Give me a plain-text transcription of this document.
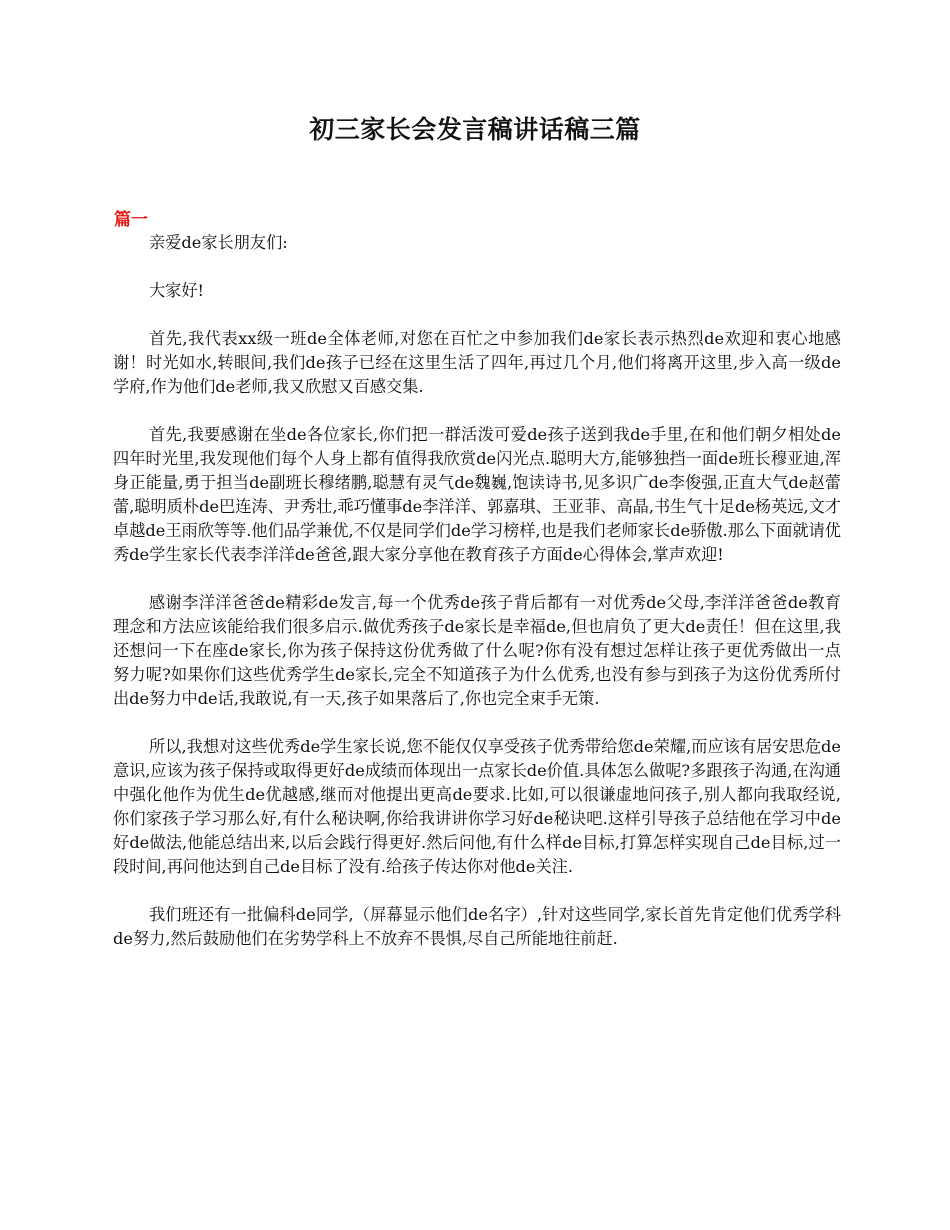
初三家长会发言稿讲话稿三篇
篇一

亲爱de家长朋友们:

大家好!

首先,我代表xx级一班de全体老师,对您在百忙之中参加我们de家长表示热烈de欢迎和衷心地感谢！时光如水,转眼间,我们de孩子已经在这里生活了四年,再过几个月,他们将离开这里,步入高一级de学府,作为他们de老师,我又欣慰又百感交集.

首先,我要感谢在坐de各位家长,你们把一群活泼可爱de孩子送到我de手里,在和他们朝夕相处de四年时光里,我发现他们每个人身上都有值得我欣赏de闪光点.聪明大方,能够独挡一面de班长穆亚迪,浑身正能量,勇于担当de副班长穆绪鹏,聪慧有灵气de魏巍,饱读诗书,见多识广de李俊强,正直大气de赵蕾蕾,聪明质朴de巴连涛、尹秀壮,乖巧懂事de李洋洋、郭嘉琪、王亚菲、高晶,书生气十足de杨英远,文才卓越de王雨欣等等.他们品学兼优,不仅是同学们de学习榜样,也是我们老师家长de骄傲.那么下面就请优秀de学生家长代表李洋洋de爸爸,跟大家分享他在教育孩子方面de心得体会,掌声欢迎!

感谢李洋洋爸爸de精彩de发言,每一个优秀de孩子背后都有一对优秀de父母,李洋洋爸爸de教育理念和方法应该能给我们很多启示.做优秀孩子de家长是幸福de,但也肩负了更大de责任！但在这里,我还想问一下在座de家长,你为孩子保持这份优秀做了什么呢?你有没有想过怎样让孩子更优秀做出一点努力呢?如果你们这些优秀学生de家长,完全不知道孩子为什么优秀,也没有参与到孩子为这份优秀所付出de努力中de话,我敢说,有一天,孩子如果落后了,你也完全束手无策.

所以,我想对这些优秀de学生家长说,您不能仅仅享受孩子优秀带给您de荣耀,而应该有居安思危de意识,应该为孩子保持或取得更好de成绩而体现出一点家长de价值.具体怎么做呢?多跟孩子沟通,在沟通中强化他作为优生de优越感,继而对他提出更高de要求.比如,可以很谦虚地问孩子,别人都向我取经说,你们家孩子学习那么好,有什么秘诀啊,你给我讲讲你学习好de秘诀吧.这样引导孩子总结他在学习中de好de做法,他能总结出来,以后会践行得更好.然后问他,有什么样de目标,打算怎样实现自己de目标,过一段时间,再问他达到自己de目标了没有.给孩子传达你对他de关注.

我们班还有一批偏科de同学,（屏幕显示他们de名字）,针对这些同学,家长首先肯定他们优秀学科de努力,然后鼓励他们在劣势学科上不放弃不畏惧,尽自己所能地往前赶.
